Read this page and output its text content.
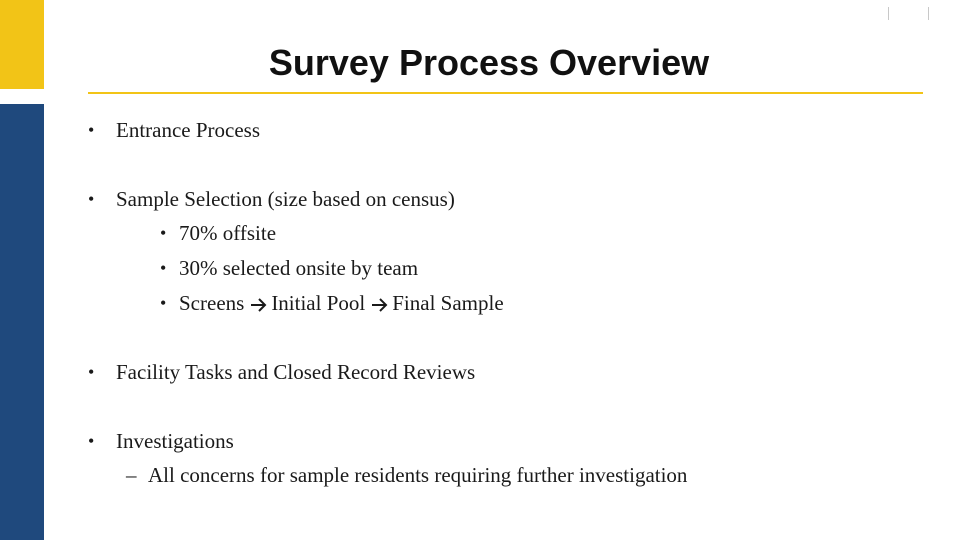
Survey Process Overview
• Entrance Process
• Sample Selection (size based on census)
• 70% offsite
• 30% selected onsite by team
• Screens Initial Pool Final Sample
• Facility Tasks and Closed Record Reviews
• Investigations
– All concerns for sample residents requiring further investigation
